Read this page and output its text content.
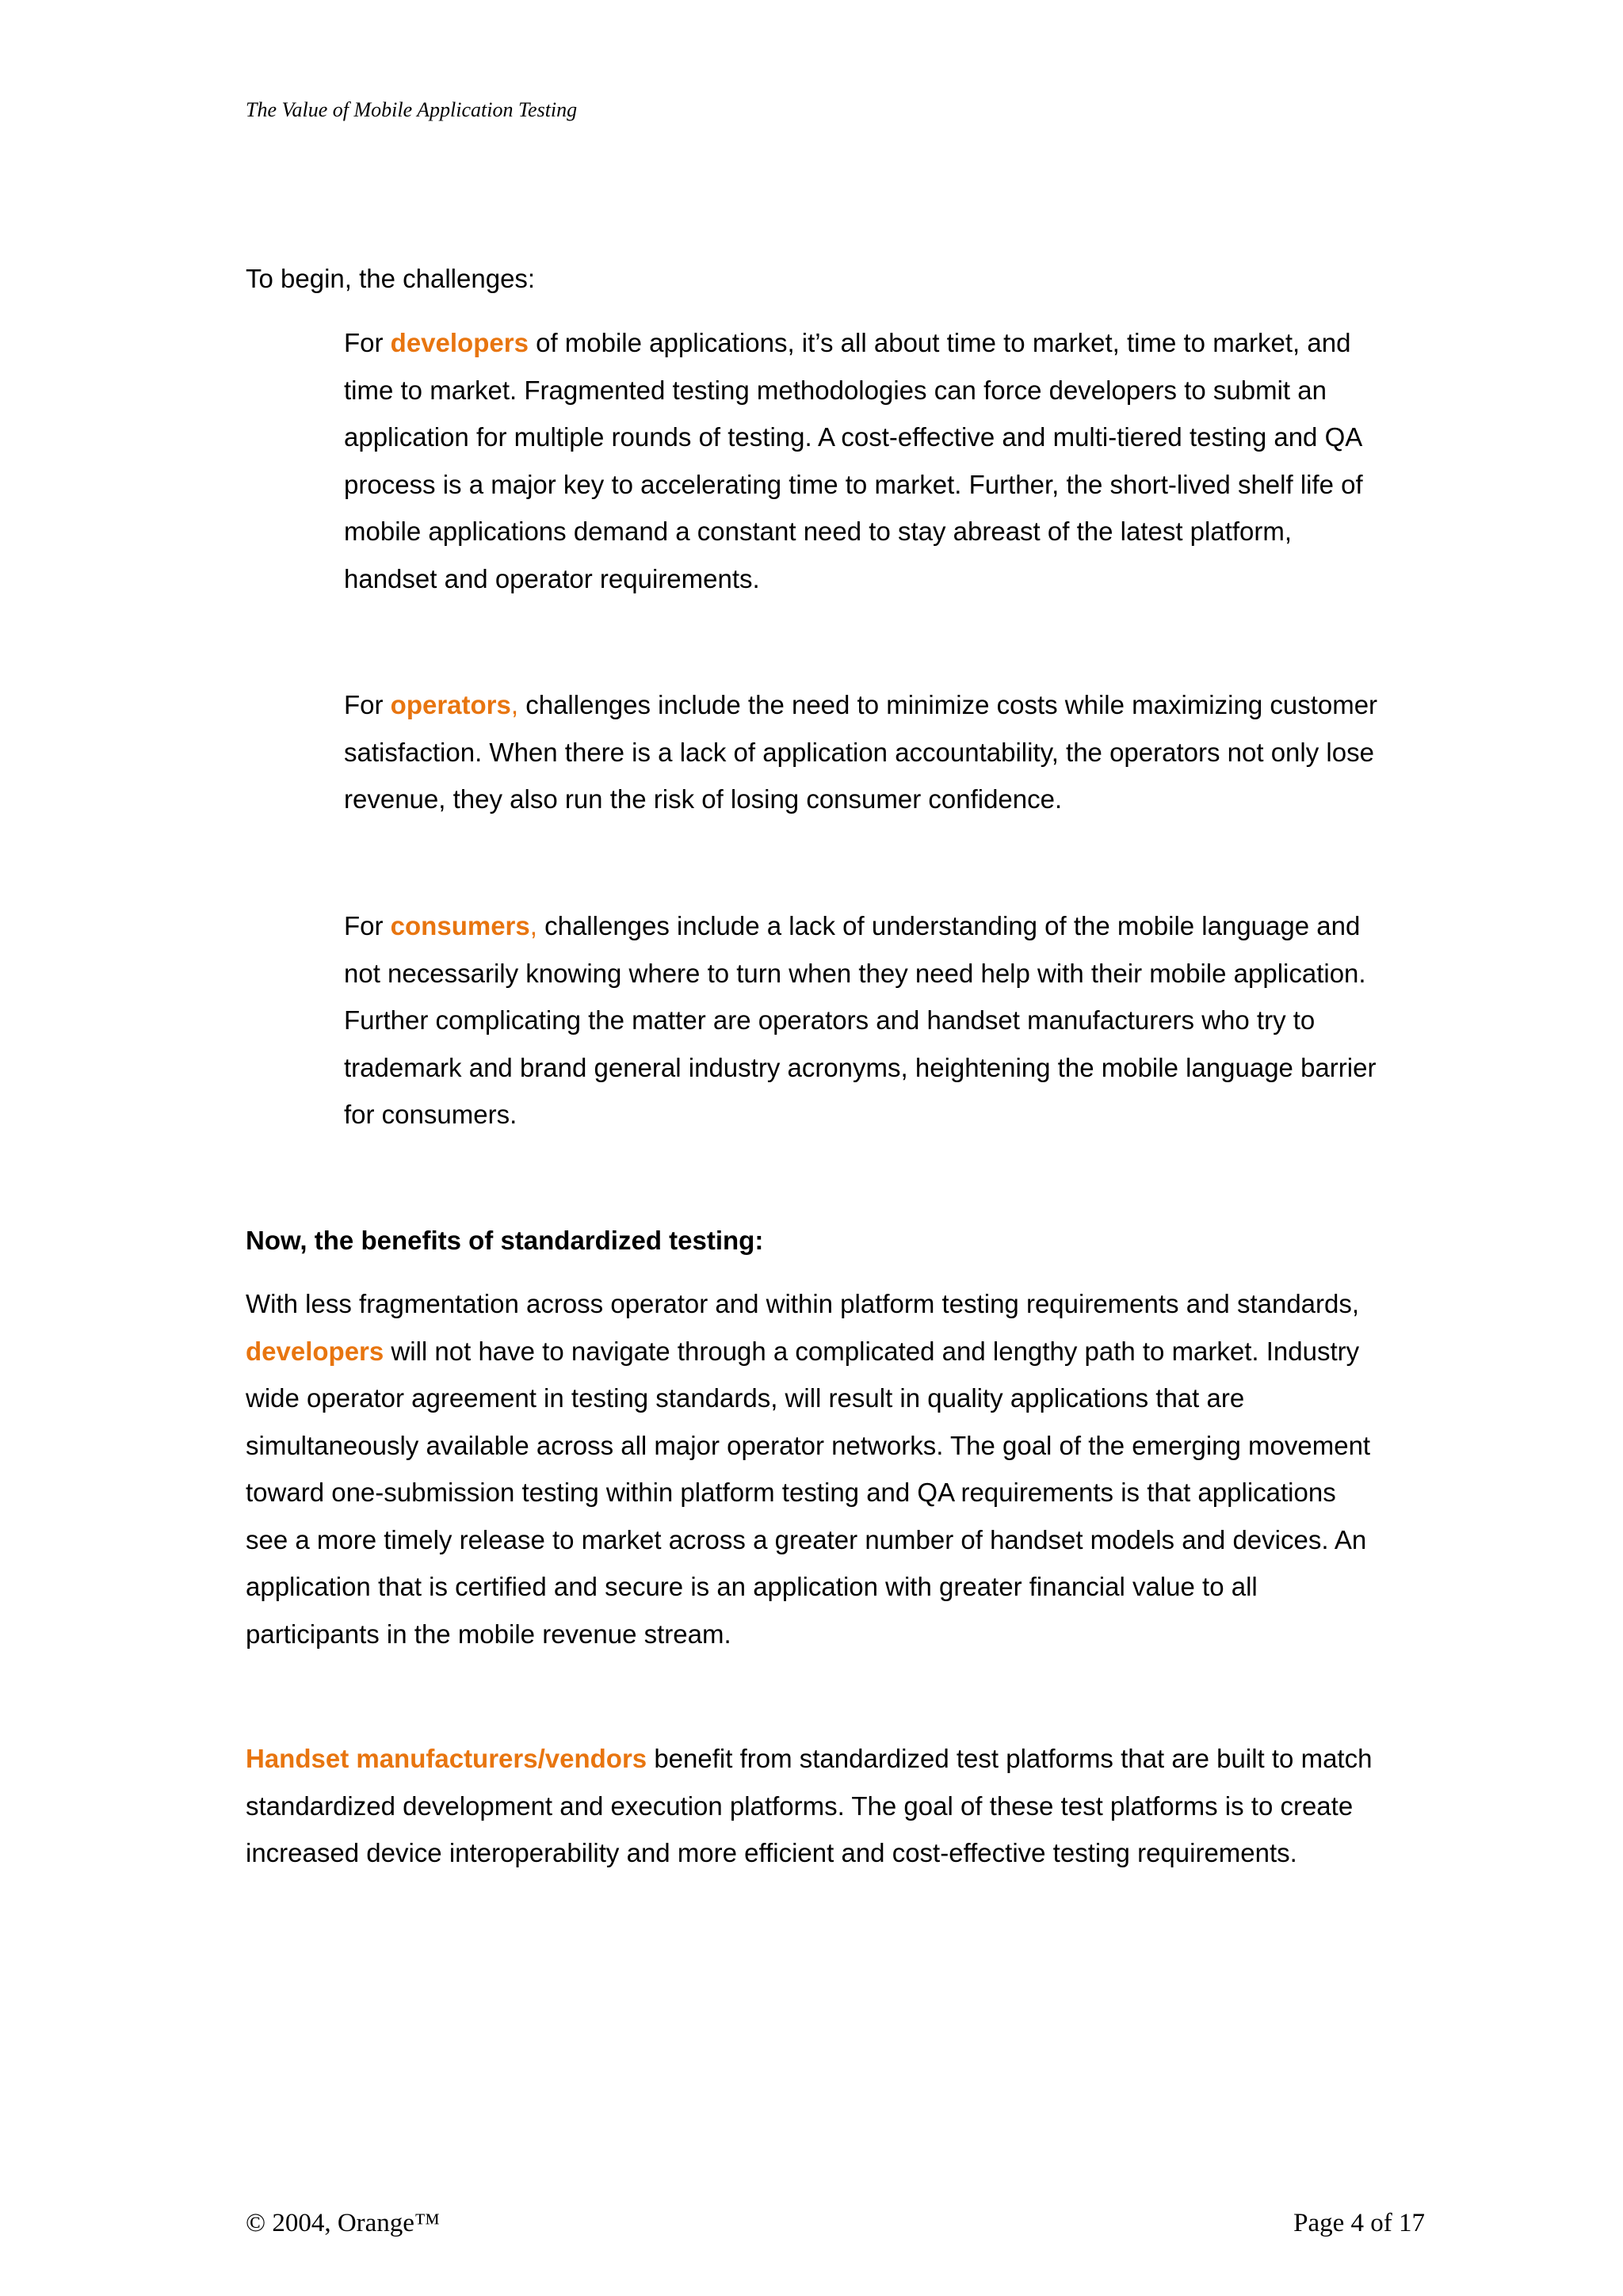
The Value of Mobile Application Testing

To begin, the challenges:

For developers of mobile applications, it’s all about time to market, time to market, and time to market. Fragmented testing methodologies can force developers to submit an application for multiple rounds of testing. A cost-effective and multi-tiered testing and QA process is a major key to accelerating time to market. Further, the short-lived shelf life of mobile applications demand a constant need to stay abreast of the latest platform, handset and operator requirements.

For operators, challenges include the need to minimize costs while maximizing customer satisfaction. When there is a lack of application accountability, the operators not only lose revenue, they also run the risk of losing consumer confidence.

For consumers, challenges include a lack of understanding of the mobile language and not necessarily knowing where to turn when they need help with their mobile application. Further complicating the matter are operators and handset manufacturers who try to trademark and brand general industry acronyms, heightening the mobile language barrier for consumers.

Now, the benefits of standardized testing:

With less fragmentation across operator and within platform testing requirements and standards, developers will not have to navigate through a complicated and lengthy path to market. Industry wide operator agreement in testing standards, will result in quality applications that are simultaneously available across all major operator networks. The goal of the emerging movement toward one-submission testing within platform testing and QA requirements is that applications see a more timely release to market across a greater number of handset models and devices. An application that is certified and secure is an application with greater financial value to all participants in the mobile revenue stream.

Handset manufacturers/vendors benefit from standardized test platforms that are built to match standardized development and execution platforms. The goal of these test platforms is to create increased device interoperability and more efficient and cost-effective testing requirements.

© 2004, Orange™	Page 4 of 17
